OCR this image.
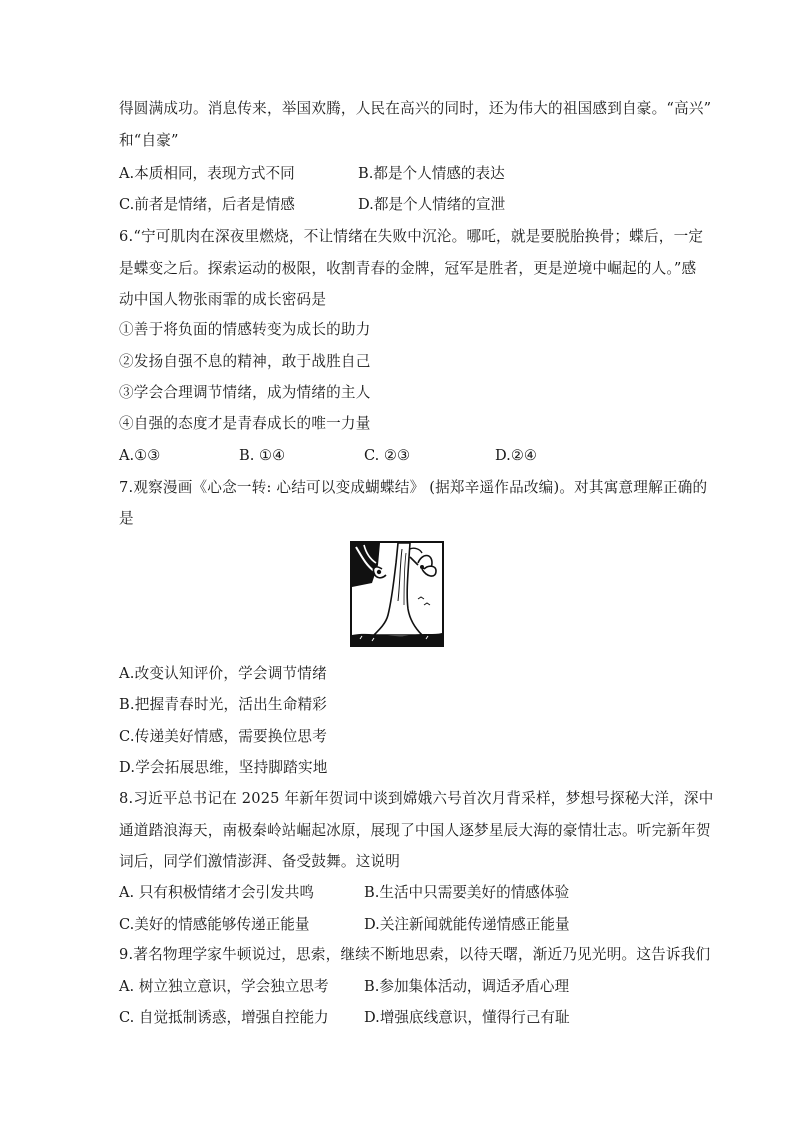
得圆满成功。消息传来，举国欢腾，人民在高兴的同时，还为伟大的祖国感到自豪。“高兴”
和“自豪”
A.本质相同，表现方式不同	B.都是个人情感的表达
C.前者是情绪，后者是情感	D.都是个人情绪的宣泄
6.“宁可肌肉在深夜里燃烧，不让情绪在失败中沉沦。哪吒，就是要脱胎换骨；蝶后，一定
是蝶变之后。探索运动的极限，收割青春的金牌，冠军是胜者，更是逆境中崛起的人。”感
动中国人物张雨霏的成长密码是
①善于将负面的情感转变为成长的助力
②发扬自强不息的精神，敢于战胜自己
③学会合理调节情绪，成为情绪的主人
④自强的态度才是青春成长的唯一力量
A.①③	B. ①④	C. ②③	D.②④
7.观察漫画《心念一转: 心结可以变成蝴蝶结》 (据郑辛遥作品改编)。对其寓意理解正确的
是
A.改变认知评价，学会调节情绪
B.把握青春时光，活出生命精彩
C.传递美好情感，需要换位思考
D.学会拓展思维，坚持脚踏实地
8.习近平总书记在 2025 年新年贺词中谈到嫦娥六号首次月背采样，梦想号探秘大洋，深中
通道踏浪海天，南极秦岭站崛起冰原，展现了中国人逐梦星辰大海的豪情壮志。听完新年贺
词后，同学们激情澎湃、备受鼓舞。这说明
A. 只有积极情绪才会引发共鸣	B.生活中只需要美好的情感体验
C.美好的情感能够传递正能量	D.关注新闻就能传递情感正能量
9.著名物理学家牛顿说过，思索，继续不断地思索，以待天曙，渐近乃见光明。这告诉我们
A. 树立独立意识，学会独立思考 B.参加集体活动，调适矛盾心理
C. 自觉抵制诱惑，增强自控能力 D.增强底线意识，懂得行己有耻
